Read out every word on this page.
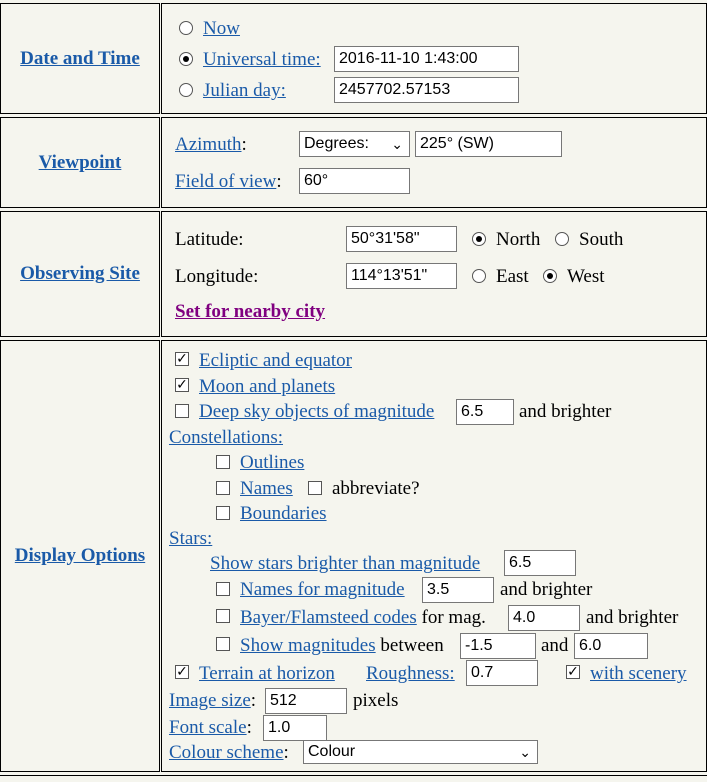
Date and Time
Now
Universal time:	2016-11-10 1:43:00
Julian day:	2457702.57153
Viewpoint
Azimuth:	Degrees: ⌄	225° (SW)
Field of view:	60°
Observing Site
Latitude:	50°31'58"	North South
Longitude:	114°13'51"	East West
Set for nearby city
Display Options
✓ Ecliptic and equator
✓ Moon and planets
Deep sky objects of magnitude	6.5	and brighter
Constellations:
Outlines
Names abbreviate?
Boundaries
Stars:
Show stars brighter than magnitude	6.5
Names for magnitude	3.5	and brighter
Bayer/Flamsteed codes for mag.	4.0	and brighter
Show magnitudes between	-1.5	and 6.0
✓ Terrain at horizon Roughness:	0.7	✓ with scenery
Image size: 512	pixels
Font scale:	1.0
Colour scheme:	Colour	⌄
